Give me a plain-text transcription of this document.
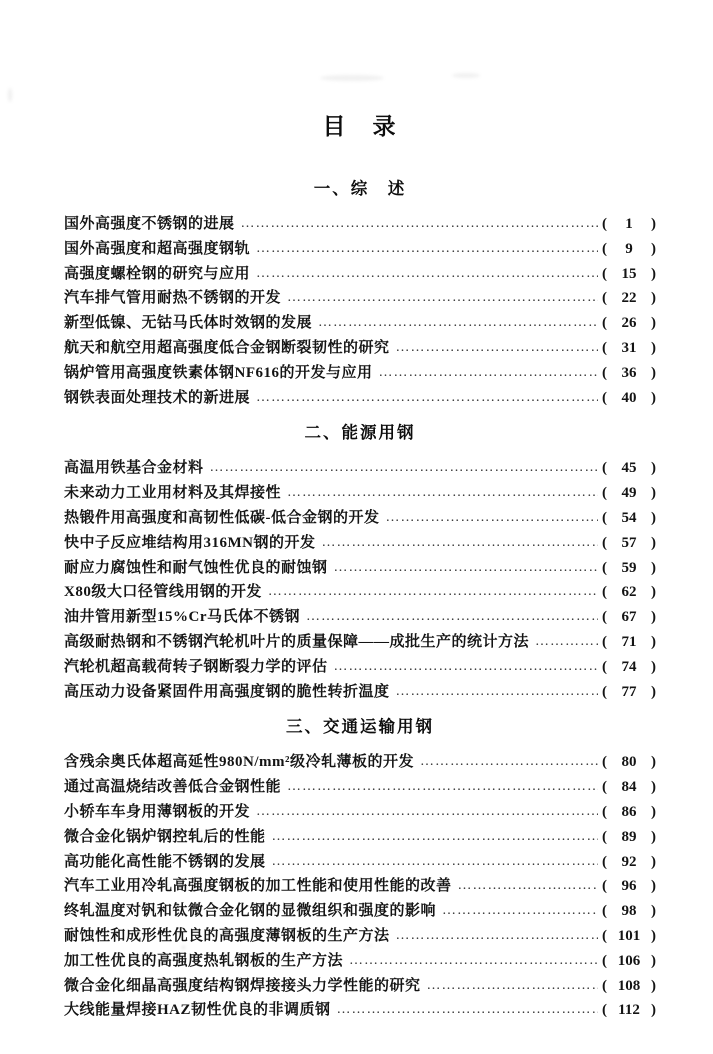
目　录
一、综　述
国外高强度不锈钢的进展 ………………………………………………………………………………	(	1	)
国外高强度和超高强度钢轨 ………………………………………………………………………………	(	9	)
高强度螺栓钢的研究与应用 ………………………………………………………………………………	( 15 )
汽车排气管用耐热不锈钢的开发 ………………………………………………………………………………	( 22 )
新型低镍、无钴马氏体时效钢的发展 ………………………………………………………………………………	( 26 )
航天和航空用超高强度低合金钢断裂韧性的研究 ………………………………………………………………………………	( 31 )
锅炉管用高强度铁素体钢NF616的开发与应用 ………………………………………………………………………………	( 36 )
钢铁表面处理技术的新进展 ………………………………………………………………………………	( 40 )
二、能源用钢
高温用铁基合金材料 ………………………………………………………………………………	( 45 )
未来动力工业用材料及其焊接性 ………………………………………………………………………………	( 49 )
热锻件用高强度和高韧性低碳-低合金钢的开发 ………………………………………………………………………………	( 54 )
快中子反应堆结构用316MN钢的开发 ………………………………………………………………………………	( 57 )
耐应力腐蚀性和耐气蚀性优良的耐蚀钢 ………………………………………………………………………………	( 59 )
X80级大口径管线用钢的开发 ………………………………………………………………………………	( 62 )
油井管用新型15%Cr马氏体不锈钢 ………………………………………………………………………………	( 67 )
高级耐热钢和不锈钢汽轮机叶片的质量保障——成批生产的统计方法 ………………………………………………………………………………	( 71 )
汽轮机超高载荷转子钢断裂力学的评估 ………………………………………………………………………………	( 74 )
高压动力设备紧固件用高强度钢的脆性转折温度 ………………………………………………………………………………	( 77 )
三、交通运输用钢
含残余奥氏体超高延性980N/mm²级冷轧薄板的开发 ………………………………………………………………………………	( 80 )
通过高温烧结改善低合金钢性能 ………………………………………………………………………………	( 84 )
小轿车车身用薄钢板的开发 ………………………………………………………………………………	( 86 )
微合金化锅炉钢控轧后的性能 ………………………………………………………………………………	( 89 )
高功能化高性能不锈钢的发展 ………………………………………………………………………………	( 92 )
汽车工业用冷轧高强度钢板的加工性能和使用性能的改善 ………………………………………………………………………………	( 96 )
终轧温度对钒和钛微合金化钢的显微组织和强度的影响 ………………………………………………………………………………	( 98 )
耐蚀性和成形性优良的高强度薄钢板的生产方法 ………………………………………………………………………………	( 101 )
加工性优良的高强度热轧钢板的生产方法 ………………………………………………………………………………	( 106 )
微合金化细晶高强度结构钢焊接接头力学性能的研究 ………………………………………………………………………………	( 108 )
大线能量焊接HAZ韧性优良的非调质钢 ………………………………………………………………………………	( 112 )
